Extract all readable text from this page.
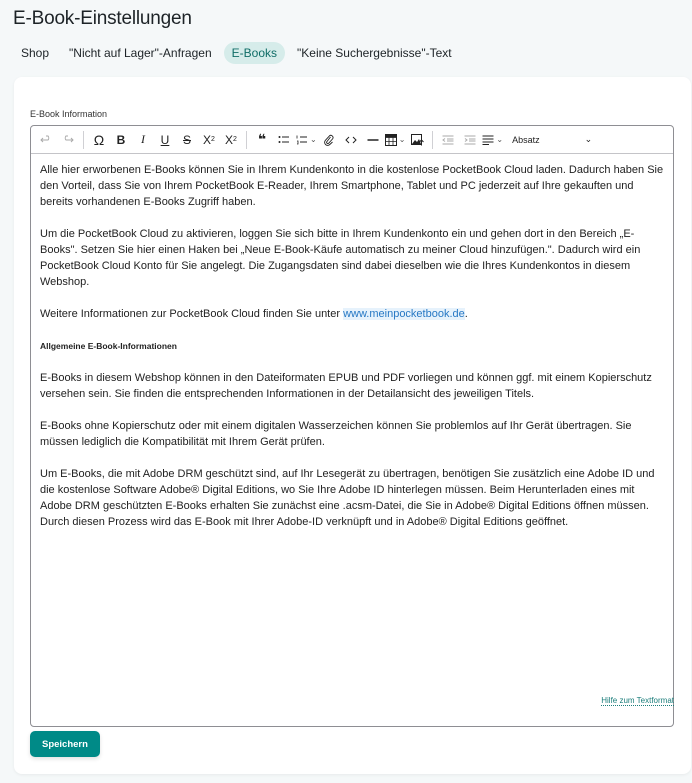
E-Book-Einstellungen
Shop	"Nicht auf Lager"-Anfragen	E-Books	"Keine Suchergebnisse"-Text
E-Book Information
Ω	B	I	U	S	X 2 X 2	❝	⌄	⌄	⌄ Absatz	⌄

Alle hier erworbenen E-Books können Sie in Ihrem Kundenkonto in die kostenlose PocketBook Cloud laden. Dadurch haben Sie den Vorteil, dass Sie von Ihrem PocketBook E-Reader, Ihrem Smartphone, Tablet und PC jederzeit auf Ihre gekauften und bereits vorhandenen E-Books Zugriff haben.

Um die PocketBook Cloud zu aktivieren, loggen Sie sich bitte in Ihrem Kundenkonto ein und gehen dort in den Bereich „E-Books". Setzen Sie hier einen Haken bei „Neue E-Book-Käufe automatisch zu meiner Cloud hinzufügen.". Dadurch wird ein PocketBook Cloud Konto für Sie angelegt. Die Zugangsdaten sind dabei dieselben wie die Ihres Kundenkontos in diesem Webshop.

Weitere Informationen zur PocketBook Cloud finden Sie unter www.meinpocketbook.de.

Allgemeine E-Book-Informationen

E-Books in diesem Webshop können in den Dateiformaten EPUB und PDF vorliegen und können ggf. mit einem Kopierschutz versehen sein. Sie finden die entsprechenden Informationen in der Detailansicht des jeweiligen Titels.

E-Books ohne Kopierschutz oder mit einem digitalen Wasserzeichen können Sie problemlos auf Ihr Gerät übertragen. Sie müssen lediglich die Kompatibilität mit Ihrem Gerät prüfen.

Um E-Books, die mit Adobe DRM geschützt sind, auf Ihr Lesegerät zu übertragen, benötigen Sie zusätzlich eine Adobe ID und die kostenlose Software Adobe® Digital Editions, wo Sie Ihre Adobe ID hinterlegen müssen. Beim Herunterladen eines mit Adobe DRM geschützten E-Books erhalten Sie zunächst eine .acsm-Datei, die Sie in Adobe® Digital Editions öffnen müssen. Durch diesen Prozess wird das E-Book mit Ihrer Adobe-ID verknüpft und in Adobe® Digital Editions geöffnet.

Hilfe zum Textformat
Speichern
